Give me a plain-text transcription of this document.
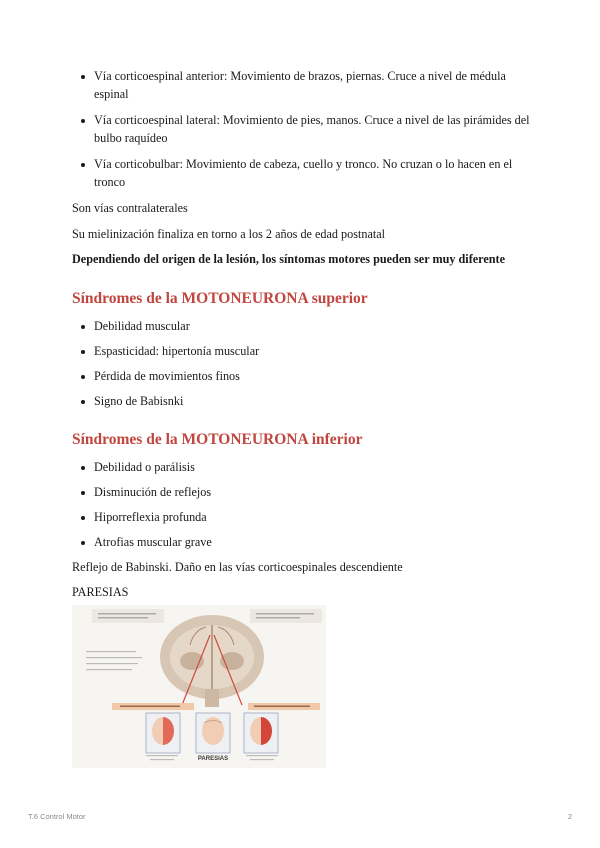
Vía corticoespinal anterior: Movimiento de brazos, piernas. Cruce a nivel de médula espinal
Vía corticoespinal lateral: Movimiento de pies, manos. Cruce a nivel de las pirámides del bulbo raquídeo
Vía corticobulbar: Movimiento de cabeza, cuello y tronco. No cruzan o lo hacen en el tronco

Son vías contralaterales

Su mielinización finaliza en torno a los 2 años de edad postnatal

Dependiendo del origen de la lesión, los síntomas motores pueden ser muy diferente

Síndromes de la MOTONEURONA superior
Debilidad muscular
Espasticidad: hipertonía muscular
Pérdida de movimientos finos
Signo de Babisnki
Síndromes de la MOTONEURONA inferior
Debilidad o parálisis
Disminución de reflejos
Hiporreflexia profunda
Atrofias muscular grave

Reflejo de Babinski. Daño en las vías corticoespinales descendiente

PARESIAS

PARESIAS
T.6 Control Motor	2
